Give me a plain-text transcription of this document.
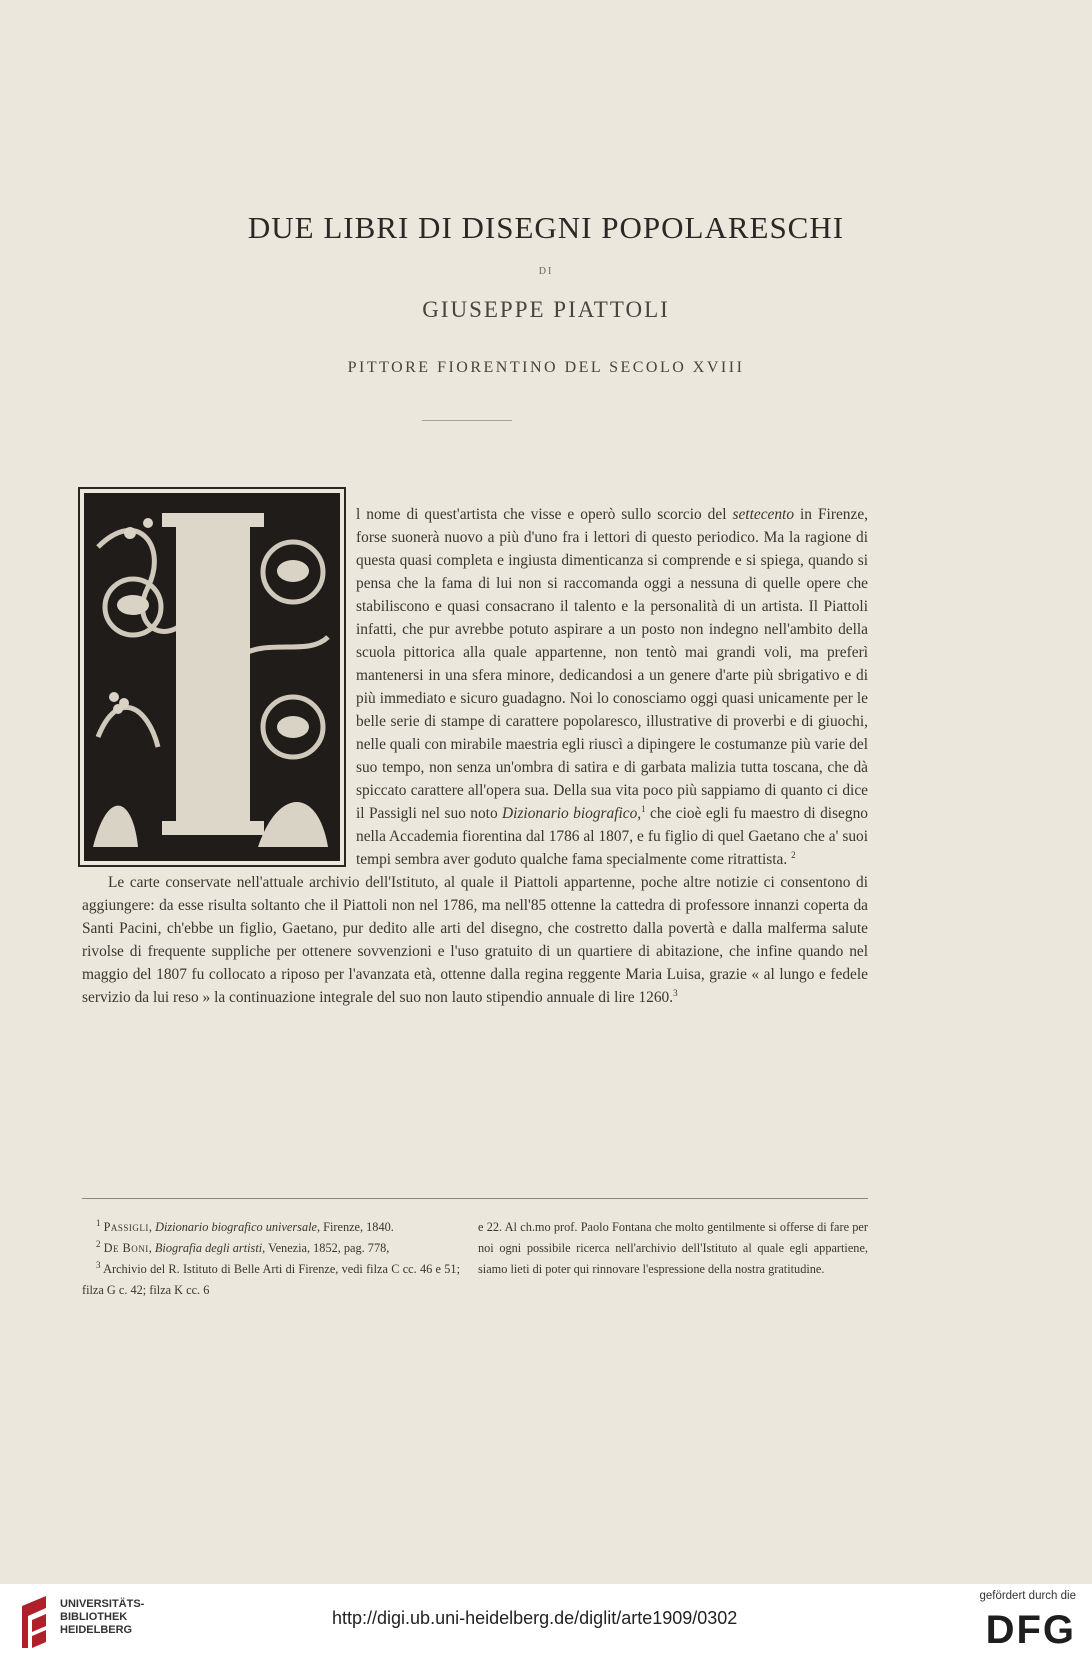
DUE LIBRI DI DISEGNI POPOLARESCHI
DI
GIUSEPPE PIATTOLI
PITTORE FIORENTINO DEL SECOLO XVIII

l nome di quest'artista che visse e operò sullo scorcio del settecento in Firenze, forse suonerà nuovo a più d'uno fra i lettori di questo periodico. Ma la ragione di questa quasi completa e ingiusta dimenticanza si comprende e si spiega, quando si pensa che la fama di lui non si raccomanda oggi a nessuna di quelle opere che stabiliscono e quasi consacrano il talento e la personalità di un artista. Il Piattoli infatti, che pur avrebbe potuto aspirare a un posto non indegno nell'ambito della scuola pittorica alla quale appartenne, non tentò mai grandi voli, ma preferì mantenersi in una sfera minore, dedicandosi a un genere d'arte più sbrigativo e di più immediato e sicuro guadagno. Noi lo conosciamo oggi quasi unicamente per le belle serie di stampe di carattere popolaresco, illustrative di proverbi e di giuochi, nelle quali con mirabile maestria egli riuscì a dipingere le costumanze più varie del suo tempo, non senza un'ombra di satira e di garbata malizia tutta toscana, che dà spiccato carattere all'opera sua. Della sua vita poco più sappiamo di quanto ci dice il Passigli nel suo noto Dizionario biografico,$^1$ che cioè egli fu maestro di disegno nella Accademia fiorentina dal 1786 al 1807, e fu figlio di quel Gaetano che a' suoi tempi sembra aver goduto qualche fama specialmente come ritrattista. $^2$

Le carte conservate nell'attuale archivio dell'Istituto, al quale il Piattoli appartenne, poche altre notizie ci consentono di aggiungere: da esse risulta soltanto che il Piattoli non nel 1786, ma nell'85 ottenne la cattedra di professore innanzi coperta da Santi Pacini, ch'ebbe un figlio, Gaetano, pur dedito alle arti del disegno, che costretto dalla povertà e dalla malferma salute rivolse di frequente suppliche per ottenere sovvenzioni e l'uso gratuito di un quartiere di abitazione, che infine quando nel maggio del 1807 fu collocato a riposo per l'avanzata età, ottenne dalla regina reggente Maria Luisa, grazie « al lungo e fedele servizio da lui reso » la continuazione integrale del suo non lauto stipendio annuale di lire 1260.$^3$

$^1$ Passigli, Dizionario biografico universale, Firenze, 1840.

$^2$ De Boni, Biografia degli artisti, Venezia, 1852, pag. 778,

$^3$ Archivio del R. Istituto di Belle Arti di Firenze, vedi filza C cc. 46 e 51; filza G c. 42; filza K cc. 6

e 22. Al ch.mo prof. Paolo Fontana che molto gentilmente si offerse di fare per noi ogni possibile ricerca nell'archivio dell'Istituto al quale egli appartiene, siamo lieti di poter qui rinnovare l'espressione della nostra gratitudine.

UNIVERSITÄTS-
BIBLIOTHEK
HEIDELBERG
http://digi.ub.uni-heidelberg.de/diglit/arte1909/0302
gefördert durch die
DFG
